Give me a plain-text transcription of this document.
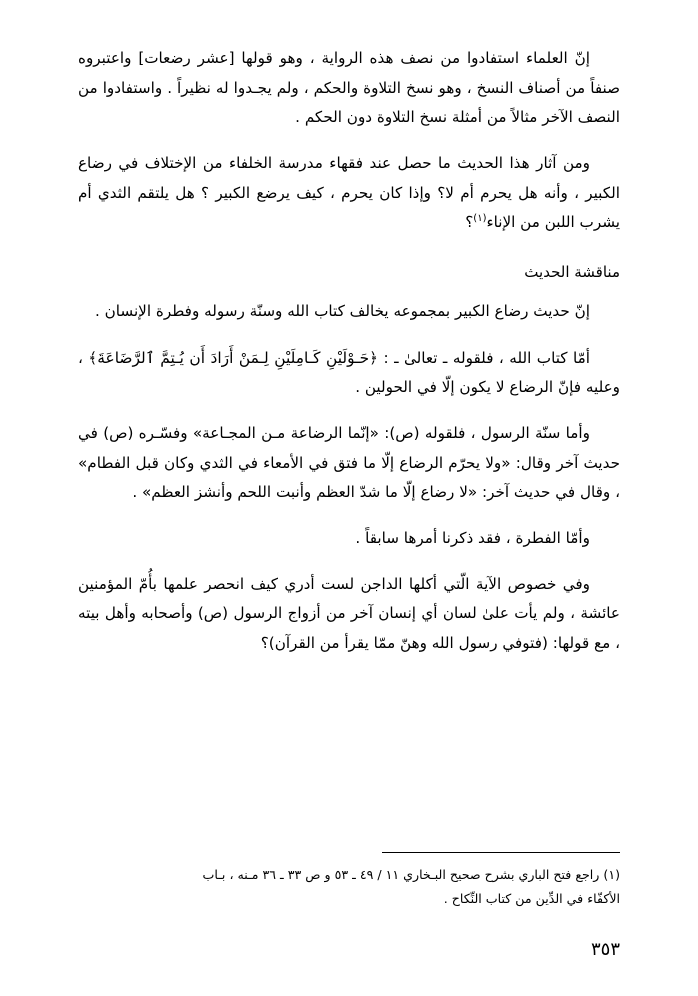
إنّ العلماء استفادوا من نصف هذه الرواية ، وهو قولها [عشر رضعات] واعتبروه صنفاً من أصناف النسخ ، وهو نسخ التلاوة والحكم ، ولم يجـدوا له نظيراً . واستفادوا من النصف الآخر مثالاً من أمثلة نسخ التلاوة دون الحكم .

ومن آثار هذا الحديث ما حصل عند فقهاء مدرسة الخلفاء من الإختلاف في رضاع الكبير ، وأنه هل يحرم أم لا؟ وإذا كان يحرم ، كيف يرضع الكبير ؟ هل يلتقم الثدي أم يشرب اللبن من الإناء$^{(١)}$؟

مناقشة الحديث

إنّ حديث رضاع الكبير بمجموعه يخالف كتاب الله وسنّة رسوله وفطرة الإنسان .

أمّا كتاب الله ، فلقوله ـ تعالىٰ ـ : ﴿حَـوْلَيْنِ كَـامِلَيْنِ لِـمَنْ أَرَادَ أَن يُـتِمَّ ٱلرَّضَاعَةَ﴾ ، وعليه فإنّ الرضاع لا يكون إلّا في الحولين .

وأما سنّة الرسول ، فلقوله (ص): «إنّما الرضاعة مـن المجـاعة» وفسّـره (ص) في حديث آخر وقال: «ولا يحرّم الرضاع إلّا ما فتق في الأمعاء في الثدي وكان قبل الفطام» ، وقال في حديث آخر: «لا رضاع إلّا ما شدّ العظم وأنبت اللحم وأنشز العظم» .

وأمّا الفطرة ، فقد ذكرنا أمرها سابقاً .

وفي خصوص الآية الّتي أكلها الداجن لست أدري كيف انحصر علمها بأُمّ المؤمنين عائشة ، ولم يأت علىٰ لسان أي إنسان آخر من أزواج الرسول (ص) وأصحابه وأهل بيته ، مع قولها: (فتوفي رسول الله وهنّ ممّا يقرأ من القرآن)؟

(١) راجع فتح الباري بشرح صحيح البـخاري ١١ / ٤٩ ـ ٥٣ و ص ٣٣ ـ ٣٦ مـنه ، بـاب
الأكفّاء في الدِّين من كتاب النِّكاح .
٣٥٣
